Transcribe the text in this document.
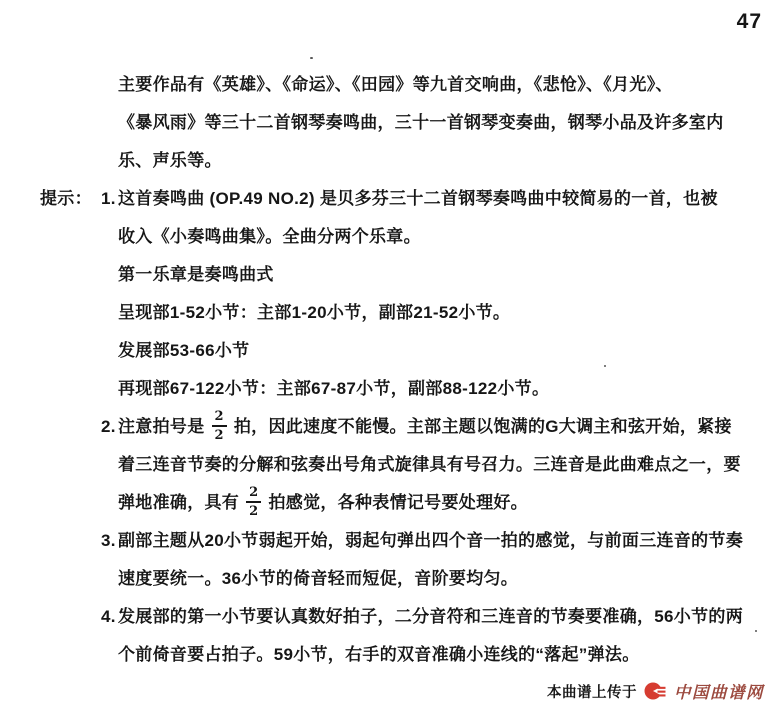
47
主要作品有《英雄》、《命运》、《田园》等九首交响曲，《悲怆》、《月光》、
《暴风雨》等三十二首钢琴奏鸣曲，三十一首钢琴变奏曲，钢琴小品及许多室内
乐、声乐等。
提示： 1. 这首奏鸣曲 (OP.49 NO.2) 是贝多芬三十二首钢琴奏鸣曲中较简易的一首，也被
收入《小奏鸣曲集》。全曲分两个乐章。
第一乐章是奏鸣曲式
呈现部1-52小节：主部1-20小节，副部21-52小节。
发展部53-66小节
再现部67-122小节：主部67-87小节，副部88-122小节。
2. 注意拍号是 $\frac{2}{2}$ 拍，因此速度不能慢。主部主题以饱满的G大调主和弦开始，紧接
着三连音节奏的分解和弦奏出号角式旋律具有号召力。三连音是此曲难点之一，要
弹地准确，具有 $\frac{2}{2}$ 拍感觉，各种表情记号要处理好。
3. 副部主题从20小节弱起开始，弱起句弹出四个音一拍的感觉，与前面三连音的节奏
速度要统一。36小节的倚音轻而短促，音阶要均匀。
4. 发展部的第一小节要认真数好拍子，二分音符和三连音的节奏要准确，56小节的两
个前倚音要占拍子。59小节，右手的双音准确小连线的“落起”弹法。
本曲谱上传于 中国曲谱网
